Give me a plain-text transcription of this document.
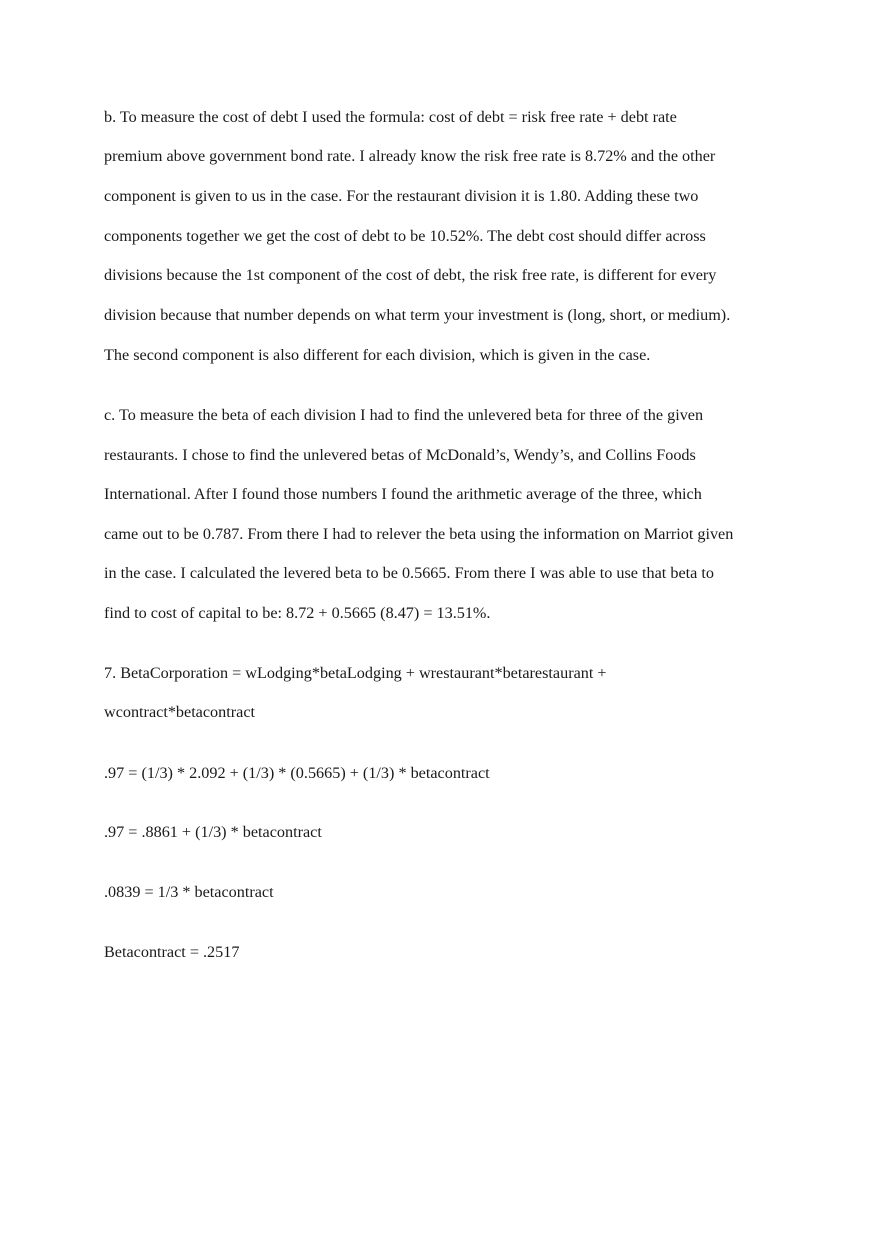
b. To measure the cost of debt I used the formula: cost of debt = risk free rate + debt rate
premium above government bond rate. I already know the risk free rate is 8.72% and the other
component is given to us in the case. For the restaurant division it is 1.80. Adding these two
components together we get the cost of debt to be 10.52%. The debt cost should differ across
divisions because the 1st component of the cost of debt, the risk free rate, is different for every
division because that number depends on what term your investment is (long, short, or medium).
The second component is also different for each division, which is given in the case.
c. To measure the beta of each division I had to find the unlevered beta for three of the given
restaurants. I chose to find the unlevered betas of McDonald’s, Wendy’s, and Collins Foods
International. After I found those numbers I found the arithmetic average of the three, which
came out to be 0.787. From there I had to relever the beta using the information on Marriot given
in the case. I calculated the levered beta to be 0.5665. From there I was able to use that beta to
find to cost of capital to be: 8.72 + 0.5665 (8.47) = 13.51%.
7. BetaCorporation = wLodging*betaLodging + wrestaurant*betarestaurant +
wcontract*betacontract
.97 = (1/3) * 2.092 + (1/3) * (0.5665) + (1/3) * betacontract
.97 = .8861 + (1/3) * betacontract
.0839 = 1/3 * betacontract
Betacontract = .2517
